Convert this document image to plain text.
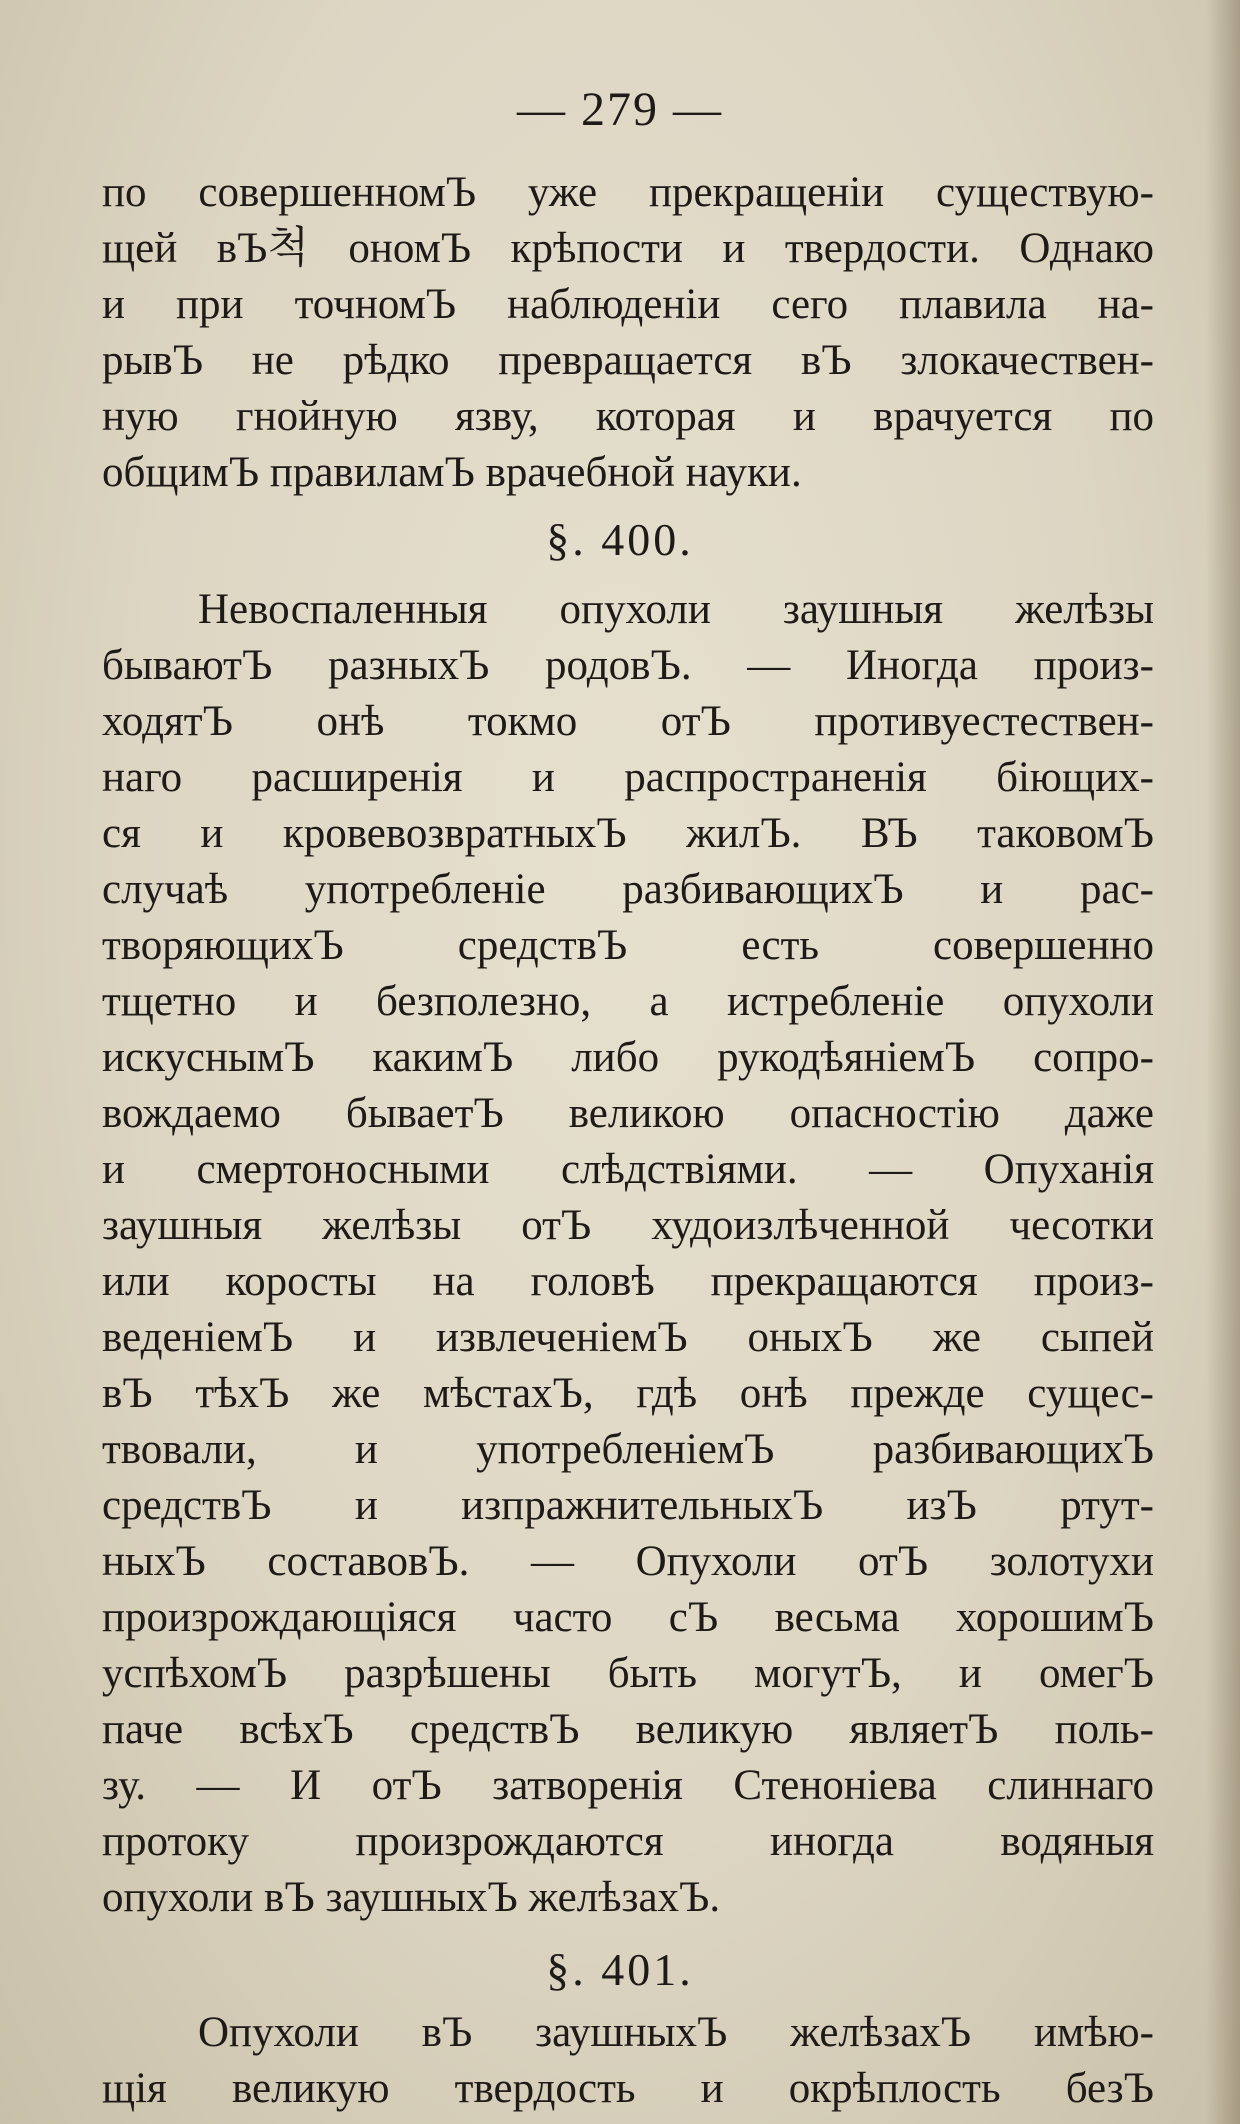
— 279 —
по совершенномЪ уже прекращенiи существую-
щей вЪ척 ономЪ крѣпости и твердости. Однако
и при точномЪ наблюденiи сего плавила на-
рывЪ не рѣдко превращается вЪ злокачествен-
ную гнойную язву, которая и врачуется по
общимЪ правиламЪ врачебной науки.
§. 400.
Невоспаленныя опухоли заушныя желѣзы
бываютЪ разныхЪ родовЪ. — Иногда произ-
ходятЪ онѣ токмо отЪ противуестествен-
наго расширенiя и распространенiя бiющих-
ся и кровевозвратныхЪ жилЪ. ВЪ таковомЪ
случаѣ употребленiе разбивающихЪ и рас-
творяющихЪ средствЪ есть совершенно
тщетно и безполезно, а истребленiе опухоли
искуснымЪ какимЪ либо рукодѣянiемЪ сопро-
вождаемо бываетЪ великою опасностiю даже
и смертоносными слѣдствiями. — Опуханiя
заушныя желѣзы отЪ худоизлѣченной чесотки
или коросты на головѣ прекращаются произ-
веденiемЪ и извлеченiемЪ оныхЪ же сыпей
вЪ тѣхЪ же мѣстахЪ, гдѣ онѣ прежде сущес-
твовали, и употребленiемЪ разбивающихЪ
средствЪ и изпражнительныхЪ изЪ ртут-
ныхЪ составовЪ. — Опухоли отЪ золотухи
произрождающiяся часто сЪ весьма хорошимЪ
успѣхомЪ разрѣшены быть могутЪ, и омегЪ
паче всѣхЪ средствЪ великую являетЪ поль-
зу. — И отЪ затворенiя Стенонiева слиннаго
протоку произрождаются иногда водяныя
опухоли вЪ заушныхЪ желѣзахЪ.
§. 401.
Опухоли вЪ заушныхЪ желѣзахЪ имѣю-
щiя великую твердость и окрѣплость безЪ
